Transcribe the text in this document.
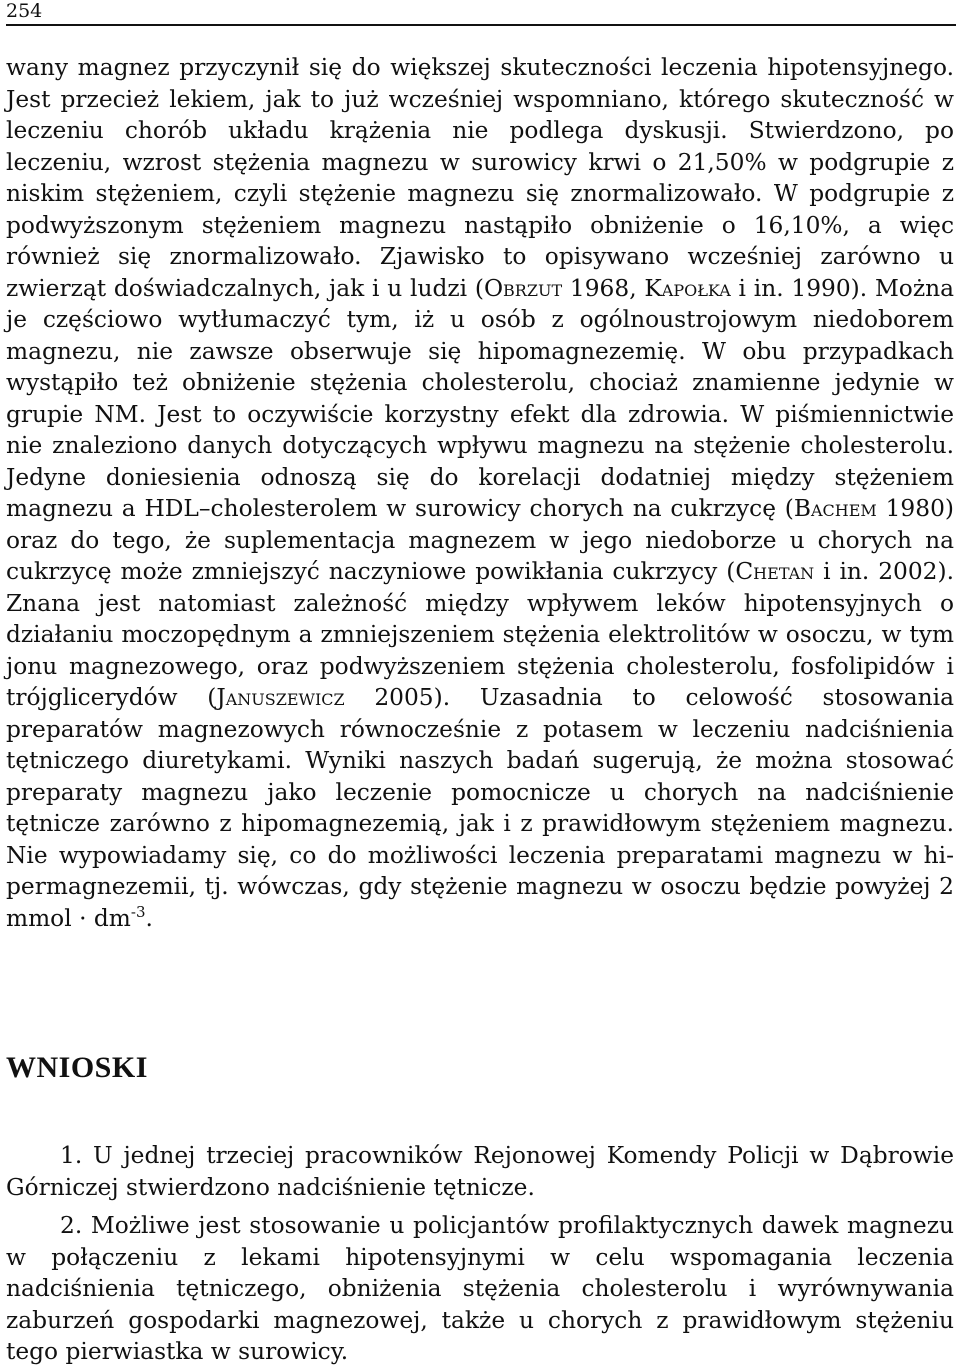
254

wany magnez przyczynił się do większej skuteczności leczenia hipotensyjnego. Jest przecież lekiem, jak to już wcześniej wspomniano, którego skuteczność w leczeniu chorób układu krążenia nie podlega dyskusji. Stwierdzono, po leczeniu, wzrost stężenia magnezu w surowicy krwi o 21,50% w podgrupie z niskim stężeniem, czyli stężenie magnezu się znormalizowało. W podgrupie z podwyższonym stężeniem magnezu nastąpiło obniżenie o 16,10%, a więc również się znormalizowało. Zjawisko to opisywano wcześniej zarówno u zwierząt doświadczalnych, jak i u ludzi (Obrzut 1968, Kapołka i in. 1990). Można je częściowo wytłumaczyć tym, iż u osób z ogólnoustrojowym niedoborem magnezu, nie zawsze obserwuje się hipomagnezemię. W obu przypadkach wystąpiło też obniżenie stężenia cholesterolu, chociaż znamienne jedynie w grupie NM. Jest to oczywiście korzystny efekt dla zdrowia. W piśmiennictwie nie znaleziono danych dotyczących wpływu magnezu na stężenie cholesterolu. Jedyne doniesienia odnoszą się do korelacji dodatniej między stężeniem magnezu a HDL–cholesterolem w surowicy chorych na cukrzycę (Bachem 1980) oraz do tego, że suplementacja magnezem w jego niedoborze u chorych na cukrzycę może zmniejszyć naczyniowe powikłania cukrzycy (Chetan i in. 2002). Znana jest natomiast zależność między wpływem leków hipotensyjnych o działaniu moczopędnym a zmniejszeniem stężenia elektrolitów w osoczu, w tym jonu magnezowego, oraz podwyższeniem stężenia cholesterolu, fosfolipidów i trójglicerydów (Januszewicz 2005). Uzasadnia to celowość stosowania preparatów magnezowych równocześnie z potasem w leczeniu nadciśnienia tętniczego diuretykami. Wyniki naszych badań sugerują, że można stosować preparaty magnezu jako leczenie pomocnicze u chorych na nadciśnienie tętnicze zarówno z hipomagnezemią, jak i z prawidłowym stężeniem magnezu. Nie wypowiadamy się, co do możliwości leczenia preparatami magnezu w hipermagnezemii, tj. wówczas, gdy stężenie magnezu w osoczu będzie powyżej 2 mmol · $dm^{-3}$.

WNIOSKI

1. U jednej trzeciej pracowników Rejonowej Komendy Policji w Dąbrowie Górniczej stwierdzono nadciśnienie tętnicze.

2. Możliwe jest stosowanie u policjantów profilaktycznych dawek magnezu w połączeniu z lekami hipotensyjnymi w celu wspomagania leczenia nadciśnienia tętniczego, obniżenia stężenia cholesterolu i wyrównywania zaburzeń gospodarki magnezowej, także u chorych z prawidłowym stężeniu tego pierwiastka w surowicy.
